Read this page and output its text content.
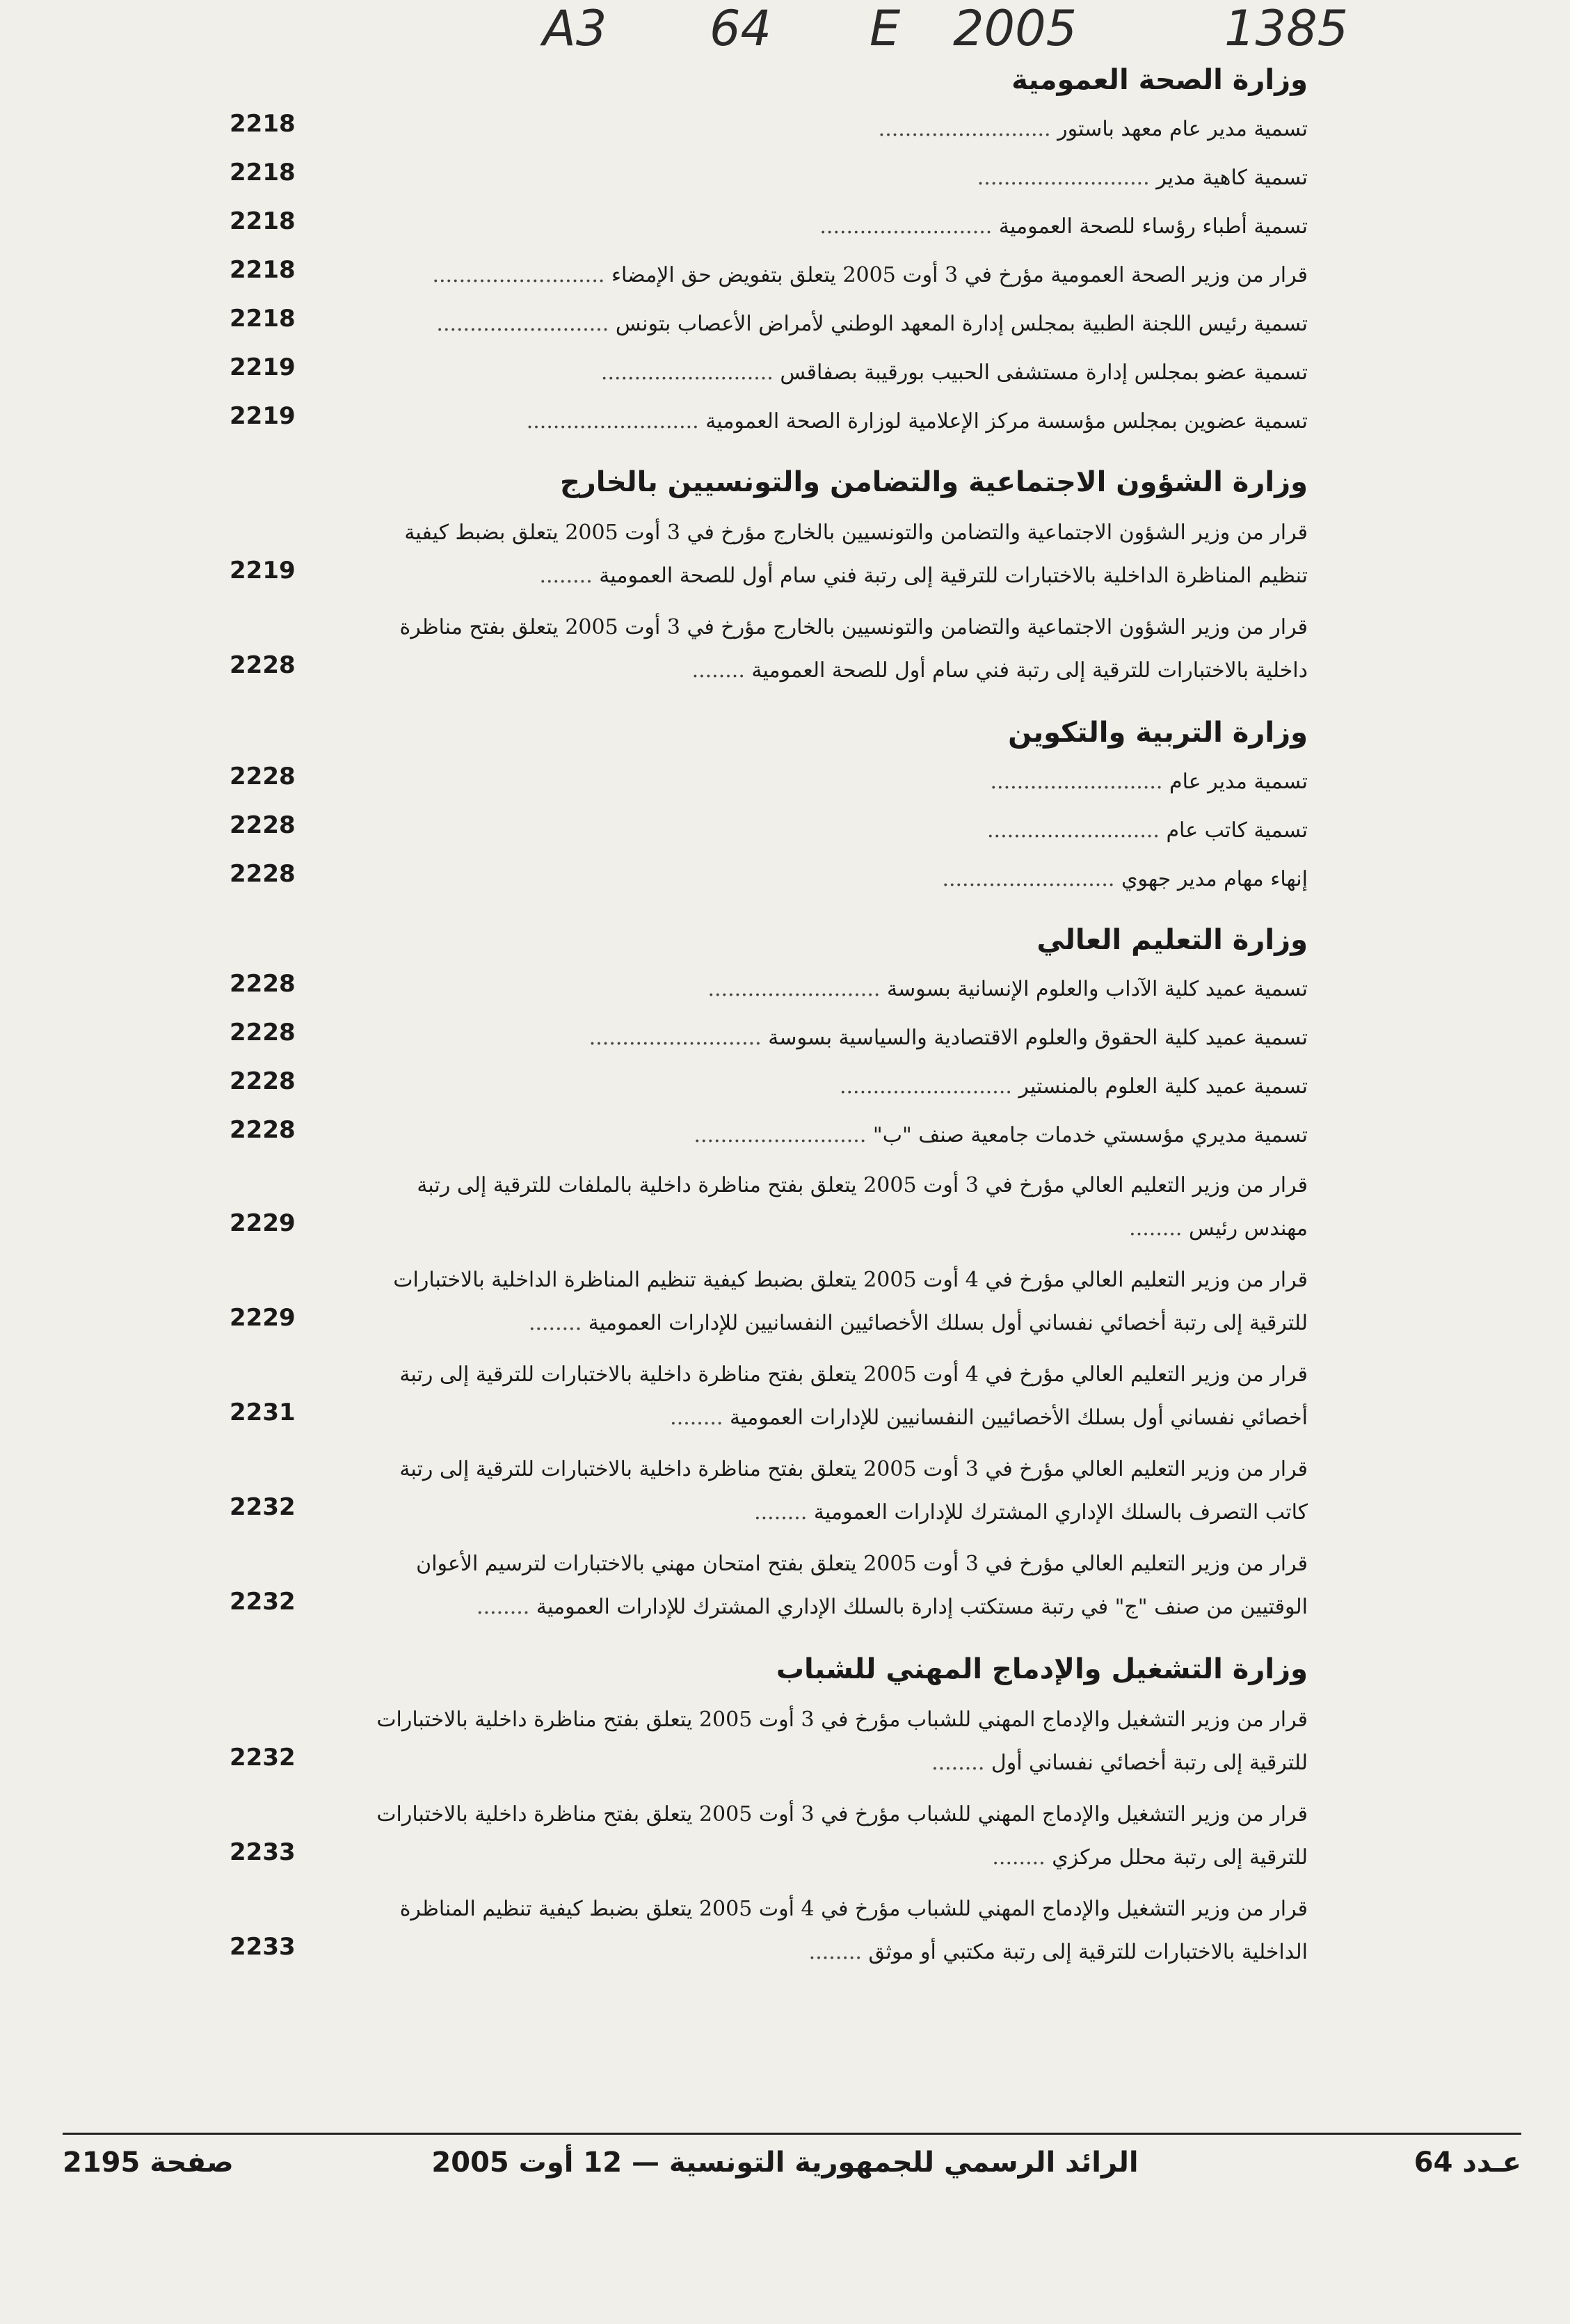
A3 64 E 2005	1385
وزارة الصحة العمومية
تسمية مدير عام معهد باستور ..........................
2218
تسمية كاهية مدير ..........................
2218
تسمية أطباء رؤساء للصحة العمومية ..........................
2218
قرار من وزير الصحة العمومية مؤرخ في 3 أوت 2005 يتعلق بتفويض حق الإمضاء ..........................
2218
تسمية رئيس اللجنة الطبية بمجلس إدارة المعهد الوطني لأمراض الأعصاب بتونس ..........................
2218
تسمية عضو بمجلس إدارة مستشفى الحبيب بورقيبة بصفاقس ..........................
2219
تسمية عضوين بمجلس مؤسسة مركز الإعلامية لوزارة الصحة العمومية ..........................
2219
وزارة الشؤون الاجتماعية والتضامن والتونسيين بالخارج
قرار من وزير الشؤون الاجتماعية والتضامن والتونسيين بالخارج مؤرخ في 3 أوت 2005 يتعلق بضبط كيفية تنظيم المناظرة الداخلية بالاختبارات للترقية إلى رتبة فني سام أول للصحة العمومية ........
2219
قرار من وزير الشؤون الاجتماعية والتضامن والتونسيين بالخارج مؤرخ في 3 أوت 2005 يتعلق بفتح مناظرة داخلية بالاختبارات للترقية إلى رتبة فني سام أول للصحة العمومية ........
2228
وزارة التربية والتكوين
تسمية مدير عام ..........................
2228
تسمية كاتب عام ..........................
2228
إنهاء مهام مدير جهوي ..........................
2228
وزارة التعليم العالي
تسمية عميد كلية الآداب والعلوم الإنسانية بسوسة ..........................
2228
تسمية عميد كلية الحقوق والعلوم الاقتصادية والسياسية بسوسة ..........................
2228
تسمية عميد كلية العلوم بالمنستير ..........................
2228
تسمية مديري مؤسستي خدمات جامعية صنف "ب" ..........................
2228
قرار من وزير التعليم العالي مؤرخ في 3 أوت 2005 يتعلق بفتح مناظرة داخلية بالملفات للترقية إلى رتبة مهندس رئيس ........
2229
قرار من وزير التعليم العالي مؤرخ في 4 أوت 2005 يتعلق بضبط كيفية تنظيم المناظرة الداخلية بالاختبارات للترقية إلى رتبة أخصائي نفساني أول بسلك الأخصائيين النفسانيين للإدارات العمومية ........
2229
قرار من وزير التعليم العالي مؤرخ في 4 أوت 2005 يتعلق بفتح مناظرة داخلية بالاختبارات للترقية إلى رتبة أخصائي نفساني أول بسلك الأخصائيين النفسانيين للإدارات العمومية ........
2231
قرار من وزير التعليم العالي مؤرخ في 3 أوت 2005 يتعلق بفتح مناظرة داخلية بالاختبارات للترقية إلى رتبة كاتب التصرف بالسلك الإداري المشترك للإدارات العمومية ........
2232
قرار من وزير التعليم العالي مؤرخ في 3 أوت 2005 يتعلق بفتح امتحان مهني بالاختبارات لترسيم الأعوان الوقتيين من صنف "ج" في رتبة مستكتب إدارة بالسلك الإداري المشترك للإدارات العمومية ........
2232
وزارة التشغيل والإدماج المهني للشباب
قرار من وزير التشغيل والإدماج المهني للشباب مؤرخ في 3 أوت 2005 يتعلق بفتح مناظرة داخلية بالاختبارات للترقية إلى رتبة أخصائي نفساني أول ........
2232
قرار من وزير التشغيل والإدماج المهني للشباب مؤرخ في 3 أوت 2005 يتعلق بفتح مناظرة داخلية بالاختبارات للترقية إلى رتبة محلل مركزي ........
2233
قرار من وزير التشغيل والإدماج المهني للشباب مؤرخ في 4 أوت 2005 يتعلق بضبط كيفية تنظيم المناظرة الداخلية بالاختبارات للترقية إلى رتبة مكتبي أو موثق ........
2233
صفحة 2195	الرائد الرسمي للجمهورية التونسية — 12 أوت 2005	عـدد 64
